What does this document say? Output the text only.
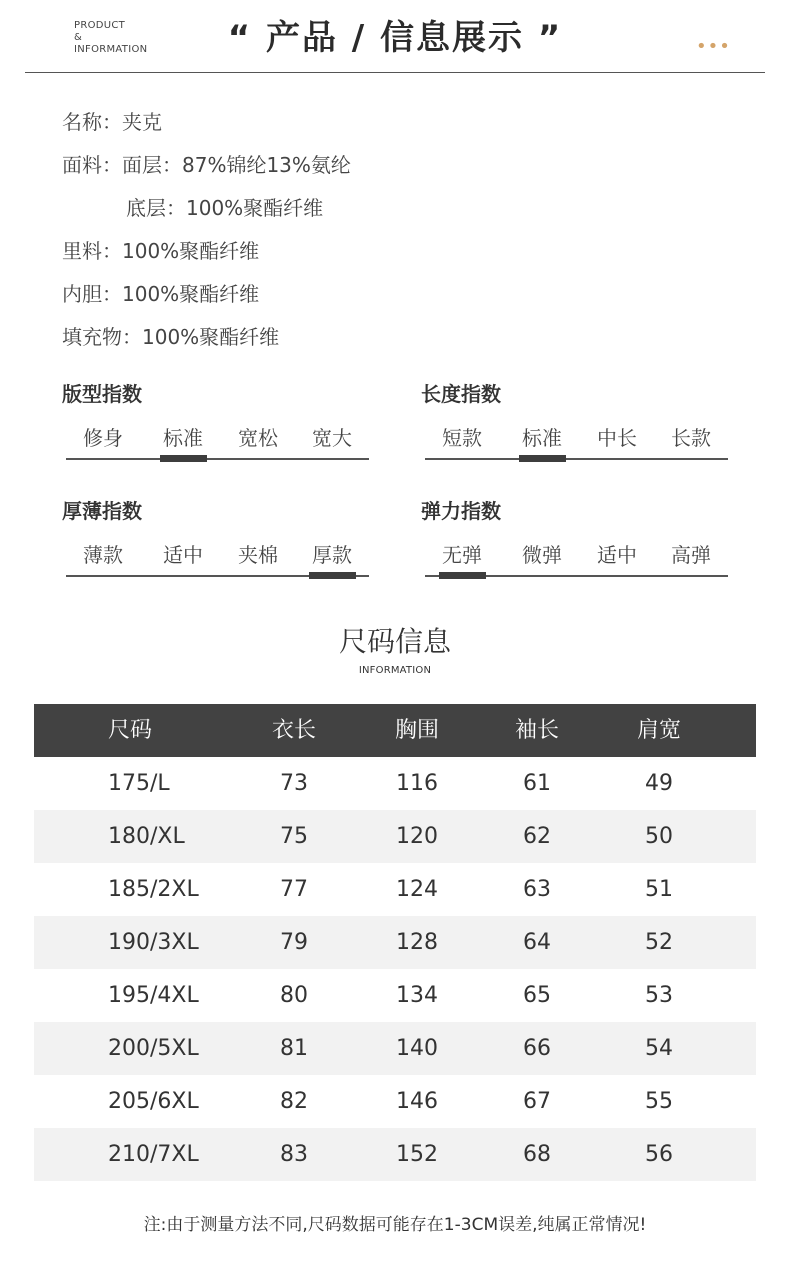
PRODUCT
&
INFORMATION	“ 产品 / 信息展示 ”	•••
名称：夹克
面料：面层：87%锦纶13%氨纶
底层：100%聚酯纤维
里料：100%聚酯纤维
内胆：100%聚酯纤维
填充物：100%聚酯纤维
版型指数
修身	标准	宽松	宽大
长度指数
短款	标准	中长	长款
厚薄指数
薄款	适中	夹棉	厚款
弹力指数
无弹	微弹	适中	高弹
尺码信息
INFORMATION
尺码	衣长	胸围	袖长	肩宽
175/L	73	116	61	49
180/XL	75	120	62	50
185/2XL	77	124	63	51
190/3XL	79	128	64	52
195/4XL	80	134	65	53
200/5XL	81	140	66	54
205/6XL	82	146	67	55
210/7XL	83	152	68	56
注:由于测量方法不同,尺码数据可能存在1-3CM误差,纯属正常情况!
